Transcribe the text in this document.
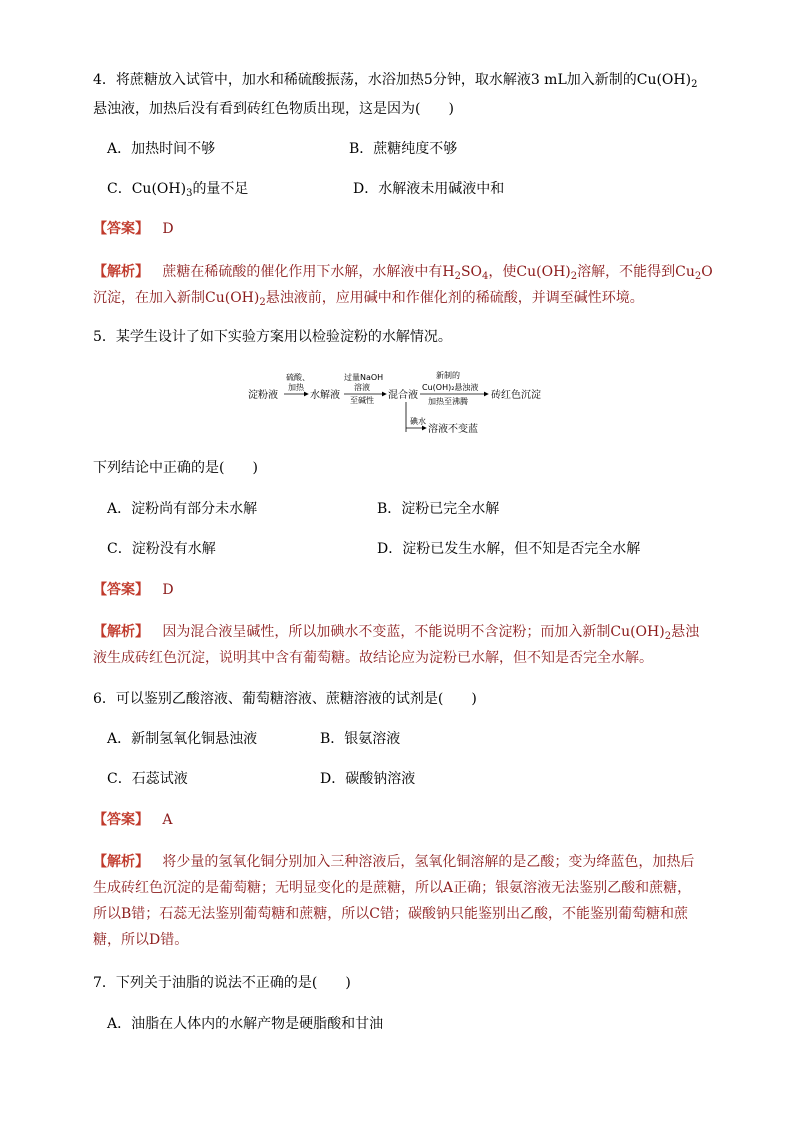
4．将蔗糖放入试管中，加水和稀硫酸振荡，水浴加热5分钟，取水解液3 mL加入新制的$Cu(OH)_2$
悬浊液，加热后没有看到砖红色物质出现，这是因为(　　)
A．加热时间不够	B．蔗糖纯度不够
C．$Cu(OH)_3$的量不足	D．水解液未用碱液中和
【答案】 D
【解析】 蔗糖在稀硫酸的催化作用下水解，水解液中有$H_2SO_4$，使$Cu(OH)_2$溶解，不能得到$Cu_2O$
沉淀，在加入新制$Cu(OH)_2$悬浊液前，应用碱中和作催化剂的稀硫酸，并调至碱性环境。
5．某学生设计了如下实验方案用以检验淀粉的水解情况。
淀粉液
硫酸、
加热
水解液
过量NaOH
溶液
至碱性 混合液
新制的
Cu(OH)₂悬浊液
加热至沸腾
砖红色沉淀
碘水
溶液不变蓝
下列结论中正确的是(　　)
A．淀粉尚有部分未水解	B．淀粉已完全水解
C．淀粉没有水解	D．淀粉已发生水解，但不知是否完全水解
【答案】 D
【解析】 因为混合液呈碱性，所以加碘水不变蓝，不能说明不含淀粉；而加入新制$Cu(OH)_2$悬浊
液生成砖红色沉淀，说明其中含有葡萄糖。故结论应为淀粉已水解，但不知是否完全水解。
6．可以鉴别乙酸溶液、葡萄糖溶液、蔗糖溶液的试剂是(　　)
A．新制氢氧化铜悬浊液	B．银氨溶液
C．石蕊试液	D．碳酸钠溶液
【答案】 A
【解析】 将少量的氢氧化铜分别加入三种溶液后，氢氧化铜溶解的是乙酸；变为绛蓝色，加热后
生成砖红色沉淀的是葡萄糖；无明显变化的是蔗糖，所以A正确；银氨溶液无法鉴别乙酸和蔗糖，
所以B错；石蕊无法鉴别葡萄糖和蔗糖，所以C错；碳酸钠只能鉴别出乙酸，不能鉴别葡萄糖和蔗
糖，所以D错。
7．下列关于油脂的说法不正确的是(　　)
A．油脂在人体内的水解产物是硬脂酸和甘油
